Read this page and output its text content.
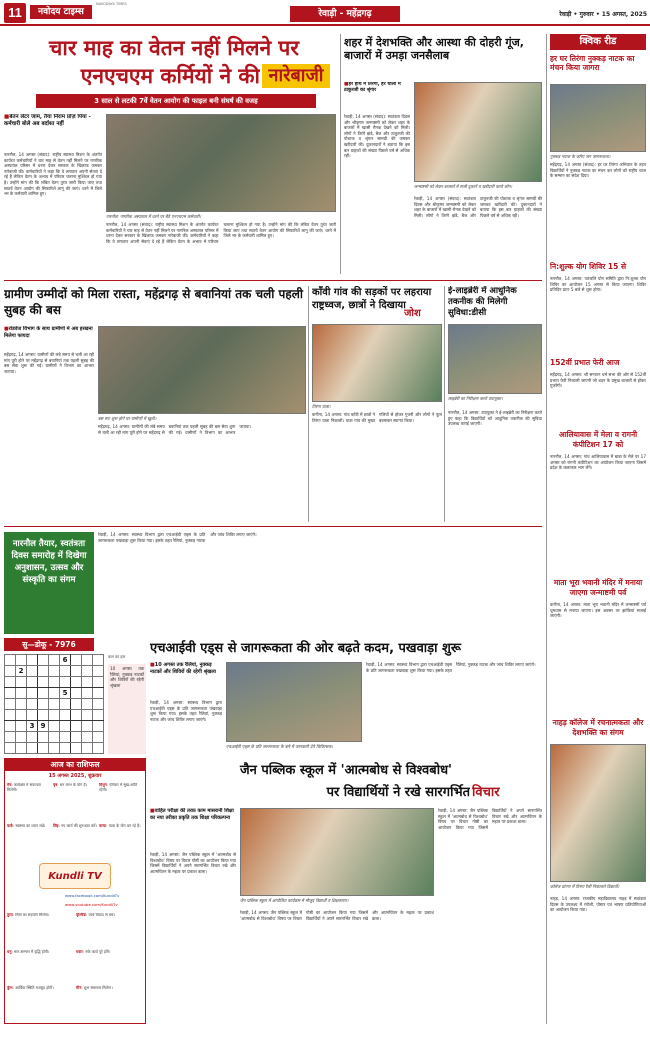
11	नवोदय टाइम्स
NAVODAYA TIMES
रेवाड़ी - महेंद्रगढ़	रेवाड़ी • गुरुवार • 15 अगस्त, 2025
चार माह का वेतन नहीं मिलने पर
एनएचएम कर्मियों ने की नारेबाजी
3 साल से लटकी 7वें वेतन आयोग की फाइल बनी संघर्ष की वजह
■ बेतन लेटर जाम, तैया निराम प्रोज़ पिया - कर्मचारी बोले अब बर्दाश्त नहीं
नारनौल, 14 अगस्त (संवाद): राष्ट्रीय स्वास्थ्य मिशन के अंतर्गत कार्यरत कर्मचारियों ने चार माह से वेतन नहीं मिलने पर नागरिक अस्पताल परिसर में धरना देकर सरकार के खिलाफ जमकर नारेबाजी की। कर्मचारियों ने कहा कि वे लगातार अपनी सेवाएं दे रहे हैं लेकिन वेतन के अभाव में परिवार चलाना मुश्किल हो गया है। उन्होंने मांग की कि लंबित वेतन तुरंत जारी किया जाए तथा सातवें वेतन आयोग की सिफारिशें लागू की जाएं। धरने में जिले भर के कर्मचारी शामिल हुए।
नारनौल: नागरिक अस्पताल में धरने पर बैठे एनएचएम कर्मचारी।
नारनौल, 14 अगस्त (संवाद): राष्ट्रीय स्वास्थ्य मिशन के अंतर्गत कार्यरत कर्मचारियों ने चार माह से वेतन नहीं मिलने पर नागरिक अस्पताल परिसर में धरना देकर सरकार के खिलाफ जमकर नारेबाजी की। कर्मचारियों ने कहा कि वे लगातार अपनी सेवाएं दे रहे हैं लेकिन वेतन के अभाव में परिवार चलाना मुश्किल हो गया है। उन्होंने मांग की कि लंबित वेतन तुरंत जारी किया जाए तथा सातवें वेतन आयोग की सिफारिशें लागू की जाएं। धरने में जिले भर के कर्मचारी शामिल हुए।
शहर में देशभक्ति और आस्था की दोहरी गूंज, बाजारों में उमड़ा जनसैलाब
■ हर हाथ में तिरंगा, हर थाली में ठाकुरजी का श्रृंगार
जन्माष्टमी को लेकर बाजारों में सजी दुकानें व खरीदारी करते लोग।
रेवाड़ी, 14 अगस्त (संवाद): स्वतंत्रता दिवस और श्रीकृष्ण जन्माष्टमी को लेकर शहर के बाजारों में खासी रौनक देखने को मिली। लोगों ने तिरंगे झंडे, बैज और ठाकुरजी की पोशाक व श्रृंगार सामग्री की जमकर खरीदारी की। दुकानदारों ने बताया कि इस बार ग्राहकों की संख्या पिछले वर्ष से अधिक रही।
रेवाड़ी, 14 अगस्त (संवाद): स्वतंत्रता दिवस और श्रीकृष्ण जन्माष्टमी को लेकर शहर के बाजारों में खासी रौनक देखने को मिली। लोगों ने तिरंगे झंडे, बैज और ठाकुरजी की पोशाक व श्रृंगार सामग्री की जमकर खरीदारी की। दुकानदारों ने बताया कि इस बार ग्राहकों की संख्या पिछले वर्ष से अधिक रही।
क्विक रीड
हर घर तिरंगा नुक्कड़ नाटक का मंचन किया जागरा
नुक्कड़ नाटक के जरिए जन जागरूकता।
महेंद्रगढ़, 14 अगस्त (संवाद): हर घर तिरंगा अभियान के तहत विद्यार्थियों ने नुक्कड़ नाटक का मंचन कर लोगों को राष्ट्रीय ध्वज के सम्मान का संदेश दिया।
नि:शुल्क योग शिविर 15 से
नारनौल, 14 अगस्त: पतंजलि योग समिति द्वारा नि:शुल्क योग शिविर का आयोजन 15 अगस्त से किया जाएगा। शिविर प्रतिदिन प्रातः 5 बजे से शुरू होगा।
152वीं प्रभात फेरी आज
महेंद्रगढ़, 14 अगस्त: श्री सनातन धर्म सभा की ओर से 152वीं प्रभात फेरी निकाली जाएगी जो शहर के प्रमुख बाजारों से होकर गुजरेगी।
आलियावास में मेला व रागनी कंपीटिशन 17 को
नारनौल, 14 अगस्त: गांव आलियावास में बाबा के मेले पर 17 अगस्त को रागनी कंपीटिशन का आयोजन किया जाएगा जिसमें प्रदेश के कलाकार भाग लेंगे।
माता भूरा भवानी मंदिर में मनाया जाएगा जन्माष्टमी पर्व
कनीना, 14 अगस्त: माता भूरा भवानी मंदिर में जन्माष्टमी पर्व धूमधाम से मनाया जाएगा। इस अवसर पर झांकियां सजाई जाएंगी।
नाहड़ कॉलेज में रचनात्मकता और देशभक्ति का संगम
कॉलेज प्रांगण में तिरंगा रैली निकालते विद्यार्थी।
नाहड़, 14 अगस्त: राजकीय महाविद्यालय नाहड़ में स्वतंत्रता दिवस के उपलक्ष्य में रंगोली, पोस्टर एवं भाषण प्रतियोगिताओं का आयोजन किया गया।
ग्रामीण उम्मीदों को मिला रास्ता, महेंद्रगढ़ से बवानियां तक चली पहली सुबह की बस
■ रोडवेज विभाग के साथ ग्रामीणों में अब हरखना मिलेगा फायदा
महेंद्रगढ़, 14 अगस्त: ग्रामीणों की लंबे समय से चली आ रही मांग पूरी होने पर महेंद्रगढ़ से बवानियां तक पहली सुबह की बस सेवा शुरू की गई। ग्रामीणों ने विभाग का आभार जताया।
बस रूट शुरू होने पर ग्रामीणों में खुशी।
महेंद्रगढ़, 14 अगस्त: ग्रामीणों की लंबे समय से चली आ रही मांग पूरी होने पर महेंद्रगढ़ से बवानियां तक पहली सुबह की बस सेवा शुरू की गई। ग्रामीणों ने विभाग का आभार जताया।
काँवी गांव की सड़कों पर लहराया राष्ट्रध्वज, छात्रों ने दिखाया
जोश
तिरंगा यात्रा।
कनीना, 14 अगस्त: गांव काँवी में छात्रों ने तिरंगा यात्रा निकाली। यात्रा गांव की मुख्य गलियों से होकर गुजरी और लोगों ने फूल बरसाकर स्वागत किया।
ई-लाइब्रेरी में आधुनिक तकनीक की मिलेगी सुविधा:डीसी
लाइब्रेरी का निरीक्षण करते उपायुक्त।
नारनौल, 14 अगस्त: उपायुक्त ने ई-लाइब्रेरी का निरीक्षण करते हुए कहा कि विद्यार्थियों को आधुनिक तकनीक की सुविधा उपलब्ध कराई जाएगी।
नारनौल तैयार, स्वतंत्रता दिवस समारोह में दिखेगा अनुशासन, उत्सव और संस्कृति का संगम
रेवाड़ी, 14 अगस्त: स्वास्थ्य विभाग द्वारा एचआईवी एड्स के प्रति जागरूकता पखवाड़ा शुरू किया गया। इसके तहत रैलियां, नुक्कड़ नाटक और जांच शिविर लगाए जाएंगे।
सु—डोकू - 7976
					6			
	2							

					5			

		3	9					

कल का हल
10 अगस्त तक रैलियां, नुक्कड़ नाटकों और शिविरों की रहेगी श्रृंखला
एचआईवी एड्स से जागरूकता की ओर बढ़ते कदम, पखवाड़ा शुरू
■ 10 अगस्त तक रैलियां, नुक्कड़ नाटकों और शिविरों की रहेगी श्रृंखला
रेवाड़ी, 14 अगस्त: स्वास्थ्य विभाग द्वारा एचआईवी एड्स के प्रति जागरूकता पखवाड़ा शुरू किया गया। इसके तहत रैलियां, नुक्कड़ नाटक और जांच शिविर लगाए जाएंगे।
एचआईवी एड्स के प्रति जागरूकता के बारे में जानकारी देते चिकित्सक।
रेवाड़ी, 14 अगस्त: स्वास्थ्य विभाग द्वारा एचआईवी एड्स के प्रति जागरूकता पखवाड़ा शुरू किया गया। इसके तहत रैलियां, नुक्कड़ नाटक और जांच शिविर लगाए जाएंगे।
आज का राशिफल
15 अगस्त 2025, शुक्रवार
मेष: कार्यक्षेत्र में सफलता मिलेगी।
वृष: धन लाभ के योग हैं।	मिथुन: परिवार में सुख-शांति रहेगी।
कर्क: स्वास्थ्य का ध्यान रखें।	सिंह: नए कार्य की शुरुआत करें। कन्या: यात्रा के योग बन रहे हैं।
Kundli TV
www.facebook.com/KundliTv
www.youtube.com/KundliTv
तुला: मित्रों का सहयोग मिलेगा।	वृश्चिक: व्यर्थ विवाद से बचें।
धनु: मान-सम्मान में वृद्धि होगी।	मकर: रुके कार्य पूरे होंगे।
कुंभ: आर्थिक स्थिति मजबूत होगी।	मीन: शुभ समाचार मिलेगा।
जैन पब्लिक स्कूल में 'आत्मबोध से विश्वबोध'
पर विद्यार्थियों ने रखे सारगर्भित विचार
■ वाहित परीक्षा की तरफ़ काम मासरानी शिक्षा का नया तरीका प्रकृति तक शिक्षा परिकल्पना
रेवाड़ी, 14 अगस्त: जैन पब्लिक स्कूल में 'आत्मबोध से विश्वबोध' विषय पर विचार गोष्ठी का आयोजन किया गया जिसमें विद्यार्थियों ने अपने सारगर्भित विचार रखे और आत्मचिंतन के महत्व पर प्रकाश डाला।
जैन पब्लिक स्कूल में आयोजित कार्यक्रम में मौजूद विद्यार्थी व शिक्षकगण।
रेवाड़ी, 14 अगस्त: जैन पब्लिक स्कूल में 'आत्मबोध से विश्वबोध' विषय पर विचार गोष्ठी का आयोजन किया गया जिसमें विद्यार्थियों ने अपने सारगर्भित विचार रखे और आत्मचिंतन के महत्व पर प्रकाश डाला।
रेवाड़ी, 14 अगस्त: जैन पब्लिक स्कूल में 'आत्मबोध से विश्वबोध' विषय पर विचार गोष्ठी का आयोजन किया गया जिसमें विद्यार्थियों ने अपने सारगर्भित विचार रखे और आत्मचिंतन के महत्व पर प्रकाश डाला।
